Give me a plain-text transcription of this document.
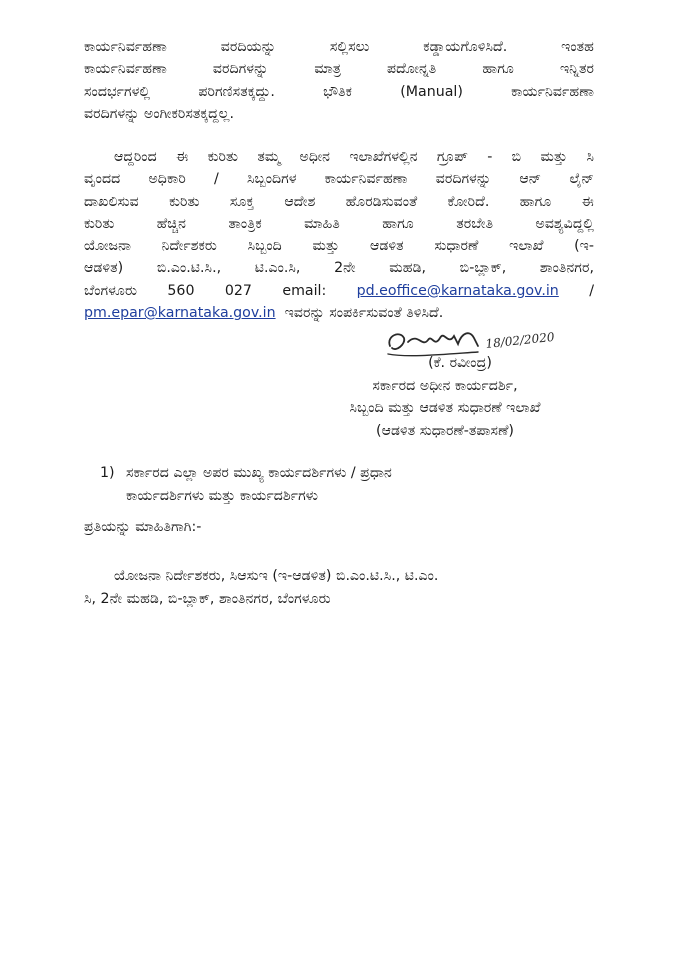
ಕಾರ್ಯನಿರ್ವಹಣಾ ವರದಿಯನ್ನು ಸಲ್ಲಿಸಲು ಕಡ್ಡಾಯಗೊಳಿಸಿದೆ. ಇಂತಹ
ಕಾರ್ಯನಿರ್ವಹಣಾ ವರದಿಗಳನ್ನು ಮಾತ್ರ ಪದೋನ್ನತಿ ಹಾಗೂ ಇನ್ನಿತರ
ಸಂದರ್ಭಗಳಲ್ಲಿ ಪರಿಗಣಿಸತಕ್ಕದ್ದು. ಭೌತಿಕ (Manual) ಕಾರ್ಯನಿರ್ವಹಣಾ
ವರದಿಗಳನ್ನು ಅಂಗೀಕರಿಸತಕ್ಕದ್ದಲ್ಲ.
ಆದ್ದರಿಂದ ಈ ಕುರಿತು ತಮ್ಮ ಅಧೀನ ಇಲಾಖೆಗಳಲ್ಲಿನ ಗ್ರೂಪ್ - ಬಿ ಮತ್ತು ಸಿ
ವೃಂದದ ಅಧಿಕಾರಿ / ಸಿಬ್ಬಂದಿಗಳ ಕಾರ್ಯನಿರ್ವಹಣಾ ವರದಿಗಳನ್ನು ಆನ್ ಲೈನ್
ದಾಖಲಿಸುವ ಕುರಿತು ಸೂಕ್ತ ಆದೇಶ ಹೊರಡಿಸುವಂತೆ ಕೋರಿದೆ. ಹಾಗೂ ಈ
ಕುರಿತು ಹೆಚ್ಚಿನ ತಾಂತ್ರಿಕ ಮಾಹಿತಿ ಹಾಗೂ ತರಬೇತಿ ಅವಶ್ಯವಿದ್ದಲ್ಲಿ
ಯೋಜನಾ ನಿರ್ದೇಶಕರು ಸಿಬ್ಬಂದಿ ಮತ್ತು ಆಡಳಿತ ಸುಧಾರಣೆ ಇಲಾಖೆ (ಇ-
ಆಡಳಿತ) ಬಿ.ಎಂ.ಟಿ.ಸಿ., ಟಿ.ಎಂ.ಸಿ, 2ನೇ ಮಹಡಿ, ಬಿ-ಬ್ಲಾಕ್, ಶಾಂತಿನಗರ,
ಬೆಂಗಳೂರು 560 027 email: pd.eoffice@karnataka.gov.in /
pm.epar@karnataka.gov.in ಇವರನ್ನು ಸಂಪರ್ಕಿಸುವಂತೆ ತಿಳಿಸಿದೆ.
18/02/2020
(ಕೆ. ರವೀಂದ್ರ)
ಸರ್ಕಾರದ ಅಧೀನ ಕಾರ್ಯದರ್ಶಿ,
ಸಿಬ್ಬಂದಿ ಮತ್ತು ಆಡಳಿತ ಸುಧಾರಣೆ ಇಲಾಖೆ
(ಆಡಳಿತ ಸುಧಾರಣೆ-ತಪಾಸಣೆ)
1) ಸರ್ಕಾರದ ಎಲ್ಲಾ ಅಪರ ಮುಖ್ಯ ಕಾರ್ಯದರ್ಶಿಗಳು / ಪ್ರಧಾನ
ಕಾರ್ಯದರ್ಶಿಗಳು ಮತ್ತು ಕಾರ್ಯದರ್ಶಿಗಳು
ಪ್ರತಿಯನ್ನು ಮಾಹಿತಿಗಾಗಿ:-
ಯೋಜನಾ ನಿರ್ದೇಶಕರು, ಸಿಆಸುಇ (ಇ-ಆಡಳಿತ) ಬಿ.ಎಂ.ಟಿ.ಸಿ., ಟಿ.ಎಂ.
ಸಿ, 2ನೇ ಮಹಡಿ, ಬಿ-ಬ್ಲಾಕ್, ಶಾಂತಿನಗರ, ಬೆಂಗಳೂರು
